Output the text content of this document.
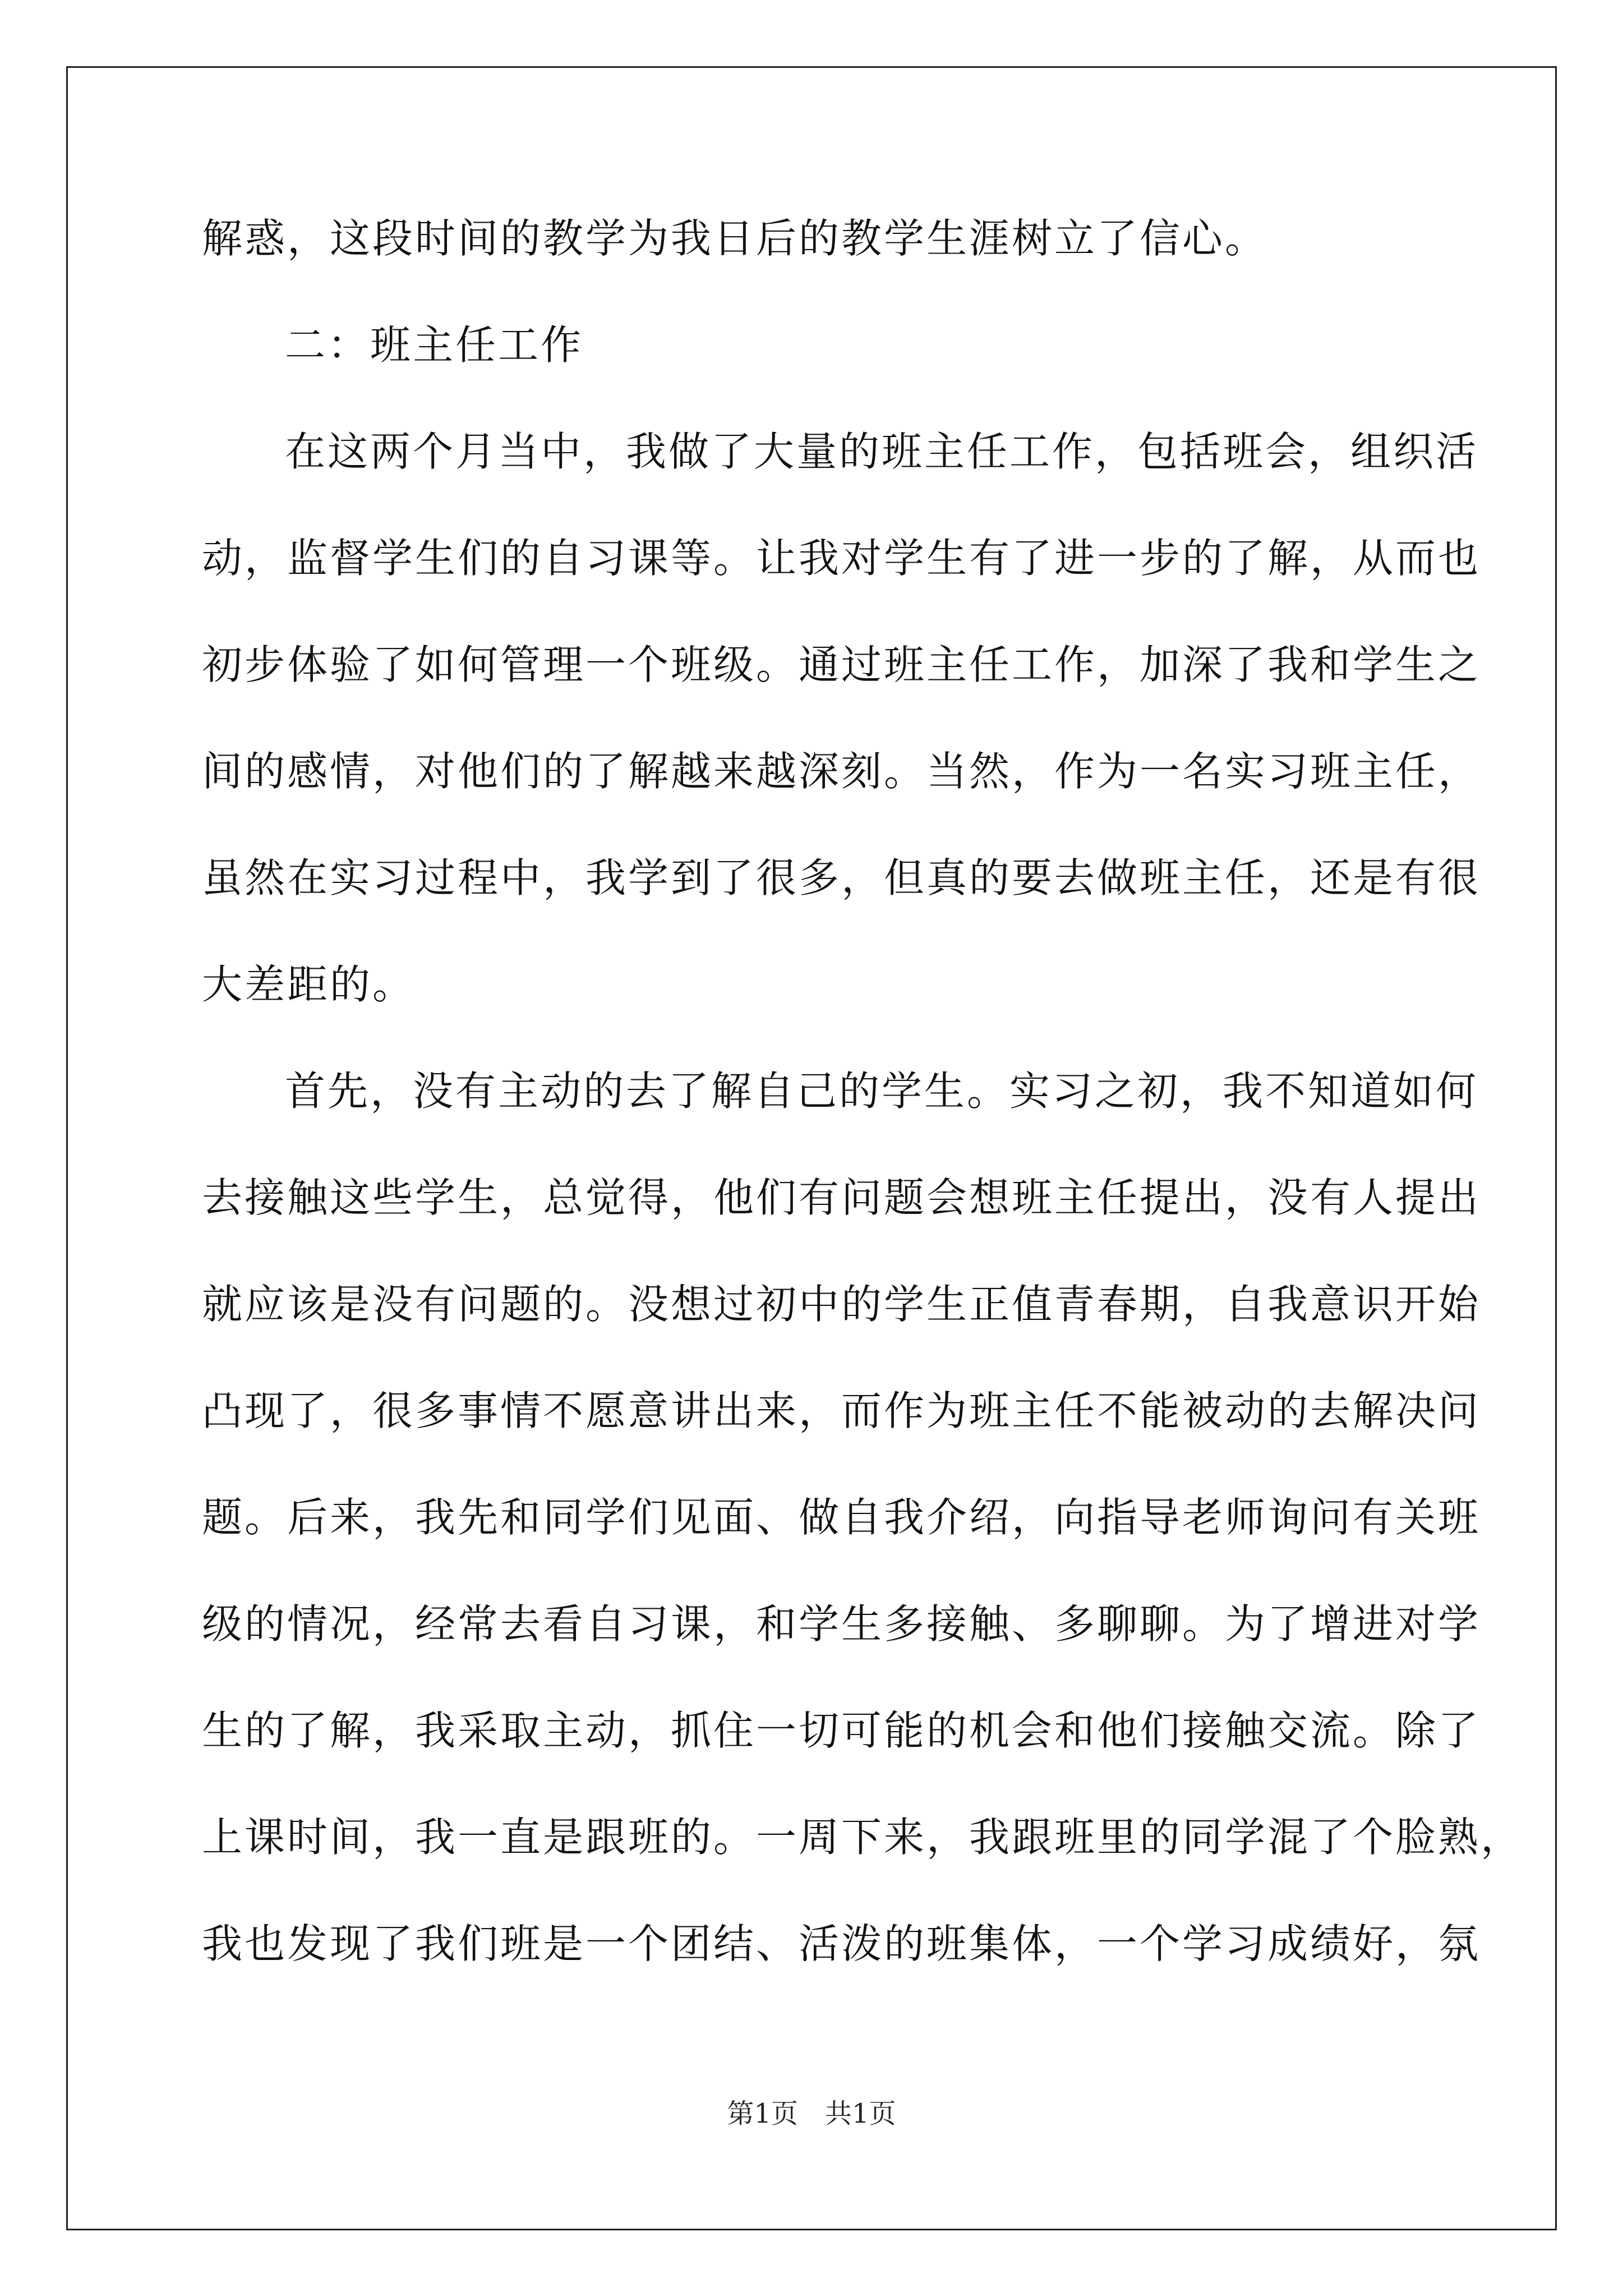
解惑，这段时间的教学为我日后的教学生涯树立了信心。
二：班主任工作
在这两个月当中，我做了大量的班主任工作，包括班会，组织活
动，监督学生们的自习课等。让我对学生有了进一步的了解，从而也
初步体验了如何管理一个班级。通过班主任工作，加深了我和学生之
间的感情，对他们的了解越来越深刻。当然，作为一名实习班主任，
虽然在实习过程中，我学到了很多，但真的要去做班主任，还是有很
大差距的。
首先，没有主动的去了解自己的学生。实习之初，我不知道如何
去接触这些学生，总觉得，他们有问题会想班主任提出，没有人提出
就应该是没有问题的。没想过初中的学生正值青春期，自我意识开始
凸现了，很多事情不愿意讲出来，而作为班主任不能被动的去解决问
题。后来，我先和同学们见面、做自我介绍，向指导老师询问有关班
级的情况，经常去看自习课，和学生多接触、多聊聊。为了增进对学
生的了解，我采取主动，抓住一切可能的机会和他们接触交流。除了
上课时间，我一直是跟班的。一周下来，我跟班里的同学混了个脸熟，
我也发现了我们班是一个团结、活泼的班集体，一个学习成绩好，氛
第1页　共1页
